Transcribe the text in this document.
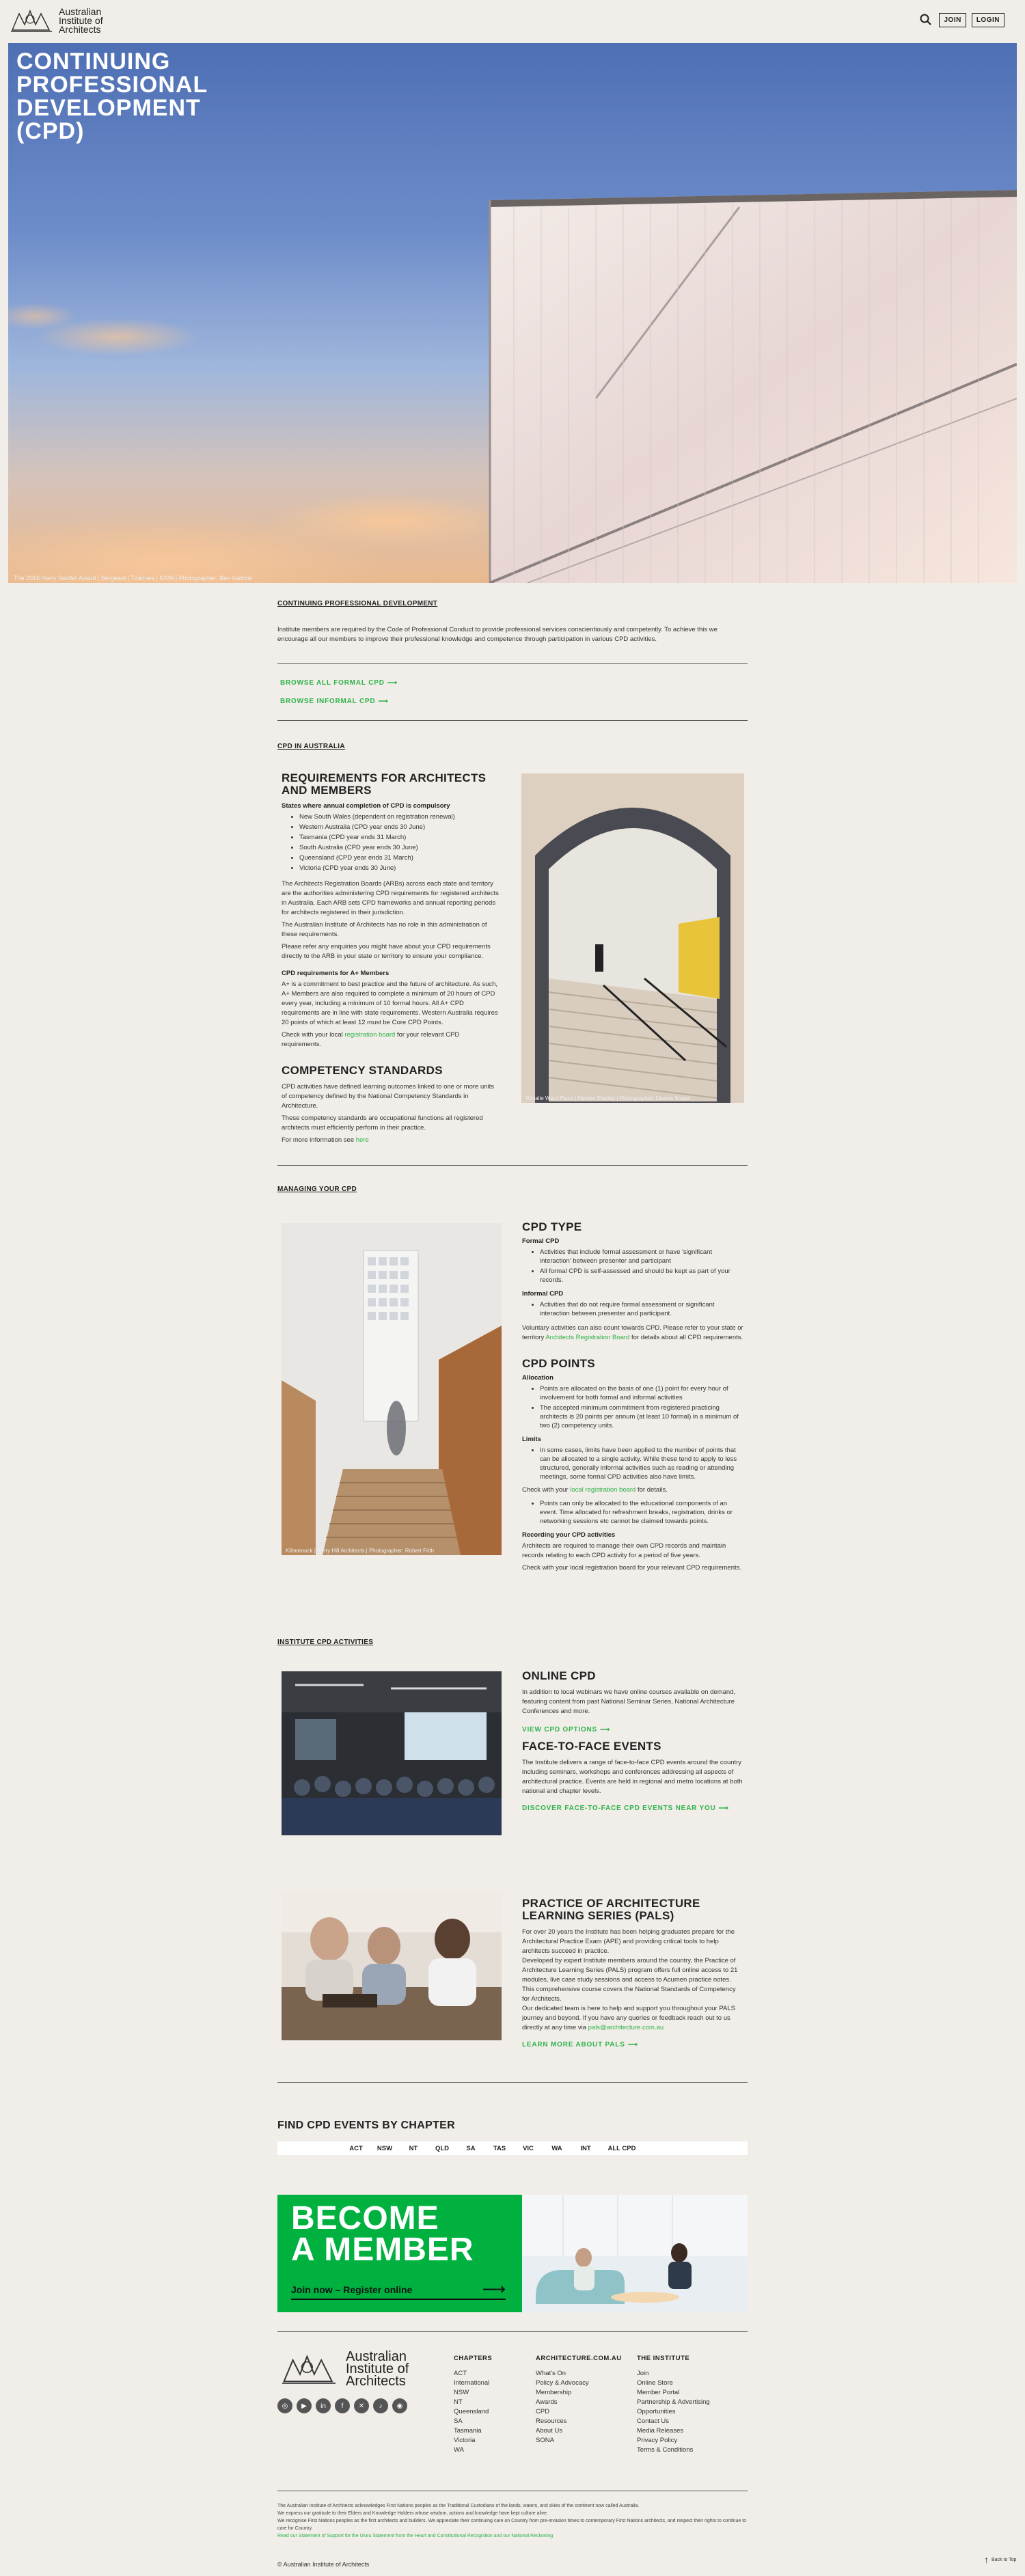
Australian
Institute of
Architects
JOIN	LOGIN
CONTINUING PROFESSIONAL DEVELOPMENT (CPD)
The 2016 Harry Seidler Award | Sergeant | Tzannes | NSW | Photographer: Ben Guthrie
CONTINUING PROFESSIONAL DEVELOPMENT

Institute members are required by the Code of Professional Conduct to provide professional services conscientiously and competently. To achieve this we encourage all our members to improve their professional knowledge and competence through participation in various CPD activities.

BROWSE ALL FORMAL CPD ⟶
BROWSE INFORMAL CPD ⟶
CPD IN AUSTRALIA
REQUIREMENTS FOR ARCHITECTS AND MEMBERS
States where annual completion of CPD is compulsory
• New South Wales (dependent on registration renewal)
• Western Australia (CPD year ends 30 June)
• Tasmania (CPD year ends 31 March)
• South Australia (CPD year ends 30 June)
• Queensland (CPD year ends 31 March)
• Victoria (CPD year ends 30 June)

The Architects Registration Boards (ARBs) across each state and territory are the authorities administering CPD requirements for registered architects in Australia. Each ARB sets CPD frameworks and annual reporting periods for architects registered in their jurisdiction.

The Australian Institute of Architects has no role in this administration of these requirements.

Please refer any enquiries you might have about your CPD requirements directly to the ARB in your state or territory to ensure your compliance.

CPD requirements for A+ Members

A+ is a commitment to best practice and the future of architecture. As such, A+ Members are also required to complete a minimum of 20 hours of CPD every year, including a minimum of 10 formal hours. All A+ CPD requirements are in line with state requirements. Western Australia requires 20 points of which at least 12 must be Core CPD Points.

Check with your local registration board for your relevant CPD requirements.

COMPETENCY STANDARDS

CPD activities have defined learning outcomes linked to one or more units of competency defined by the National Competency Standards in Architecture.

These competency standards are occupational functions all registered architects must efficiently perform in their practice.

For more information see here

Rosalie Ward Place | Hames Sharley | Photographer: Dianna Snape
MANAGING YOUR CPD
Kilmarnock | Kerry Hill Architects | Photographer: Robert Frith
CPD TYPE
Formal CPD
• Activities that include formal assessment or have 'significant interaction' between presenter and participant
• All formal CPD is self-assessed and should be kept as part of your records.
Informal CPD
• Activities that do not require formal assessment or significant interaction between presenter and participant.

Voluntary activities can also count towards CPD. Please refer to your state or territory Architects Registration Board for details about all CPD requirements.

CPD POINTS
Allocation
• Points are allocated on the basis of one (1) point for every hour of involvement for both formal and informal activities
• The accepted minimum commitment from registered practicing architects is 20 points per annum (at least 10 formal) in a minimum of two (2) competency units.
Limits
• In some cases, limits have been applied to the number of points that can be allocated to a single activity. While these tend to apply to less structured, generally informal activities such as reading or attending meetings, some formal CPD activities also have limits.

Check with your local registration board for details.

• Points can only be allocated to the educational components of an event. Time allocated for refreshment breaks, registration, drinks or networking sessions etc cannot be claimed towards points.
Recording your CPD activities

Architects are required to manage their own CPD records and maintain records relating to each CPD activity for a period of five years.

Check with your local registration board for your relevant CPD requirements.

INSTITUTE CPD ACTIVITIES
ONLINE CPD

In addition to local webinars we have online courses available on demand, featuring content from past National Seminar Series, National Architecture Conferences and more.

VIEW CPD OPTIONS ⟶
FACE-TO-FACE EVENTS

The Institute delivers a range of face-to-face CPD events around the country including seminars, workshops and conferences addressing all aspects of architectural practice. Events are held in regional and metro locations at both national and chapter levels.

DISCOVER FACE-TO-FACE CPD EVENTS NEAR YOU ⟶
PRACTICE OF ARCHITECTURE LEARNING SERIES (PALS)

For over 20 years the Institute has been helping graduates prepare for the Architectural Practice Exam (APE) and providing critical tools to help architects succeed in practice.

Developed by expert Institute members around the country, the Practice of Architecture Learning Series (PALS) program offers full online access to 21 modules, live case study sessions and access to Acumen practice notes. This comprehensive course covers the National Standards of Competency for Architects.

Our dedicated team is here to help and support you throughout your PALS journey and beyond. If you have any queries or feedback reach out to us directly at any time via pals@architecture.com.au

LEARN MORE ABOUT PALS ⟶
FIND CPD EVENTS BY CHAPTER
ACT	NSW	NT	QLD	SA	TAS	VIC	WA	INT	ALL CPD
BECOME
A MEMBER
Join now – Register online	⟶
Australian
Institute of
Architects
◎	▶	in	f	✕	♪	◉
CHAPTERS
ACT
International
NSW
NT
Queensland
SA
Tasmania
Victoria
WA
ARCHITECTURE.COM.AU
What's On
Policy & Advocacy
Membership
Awards
CPD
Resources
About Us
SONA
THE INSTITUTE
Join
Online Store
Member Portal
Partnership & Advertising Opportunities
Contact Us
Media Releases
Privacy Policy
Terms & Conditions
The Australian Institute of Architects acknowledges First Nations peoples as the Traditional Custodians of the lands, waters, and skies of the continent now called Australia.
We express our gratitude to their Elders and Knowledge Holders whose wisdom, actions and knowledge have kept culture alive.
We recognise First Nations peoples as the first architects and builders. We appreciate their continuing care on Country from pre-invasion times to contemporary First Nations architects, and respect their rights to continue to care for Country.
Read our Statement of Support for the Uluru Statement from the Heart and Constitutional Recognition and our National Reckoning
© Australian Institute of Architects	↑ Back to Top
